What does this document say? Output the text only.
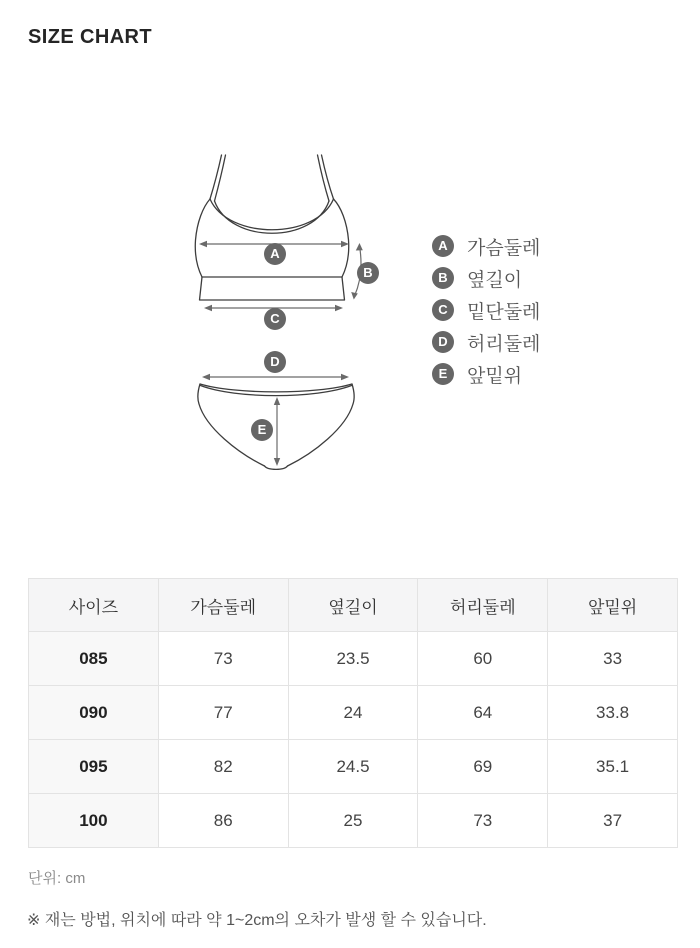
SIZE CHART
A
B
C
D
E
A	가슴둘레
B	옆길이
C	밑단둘레
D	허리둘레
E	앞밑위
사이즈	가슴둘레	옆길이	허리둘레	앞밑위
085	73	23.5	60	33
090	77	24	64	33.8
095	82	24.5	69	35.1
100	86	25	73	37
단위: cm
※ 재는 방법, 위치에 따라 약 1~2cm의 오차가 발생 할 수 있습니다.
